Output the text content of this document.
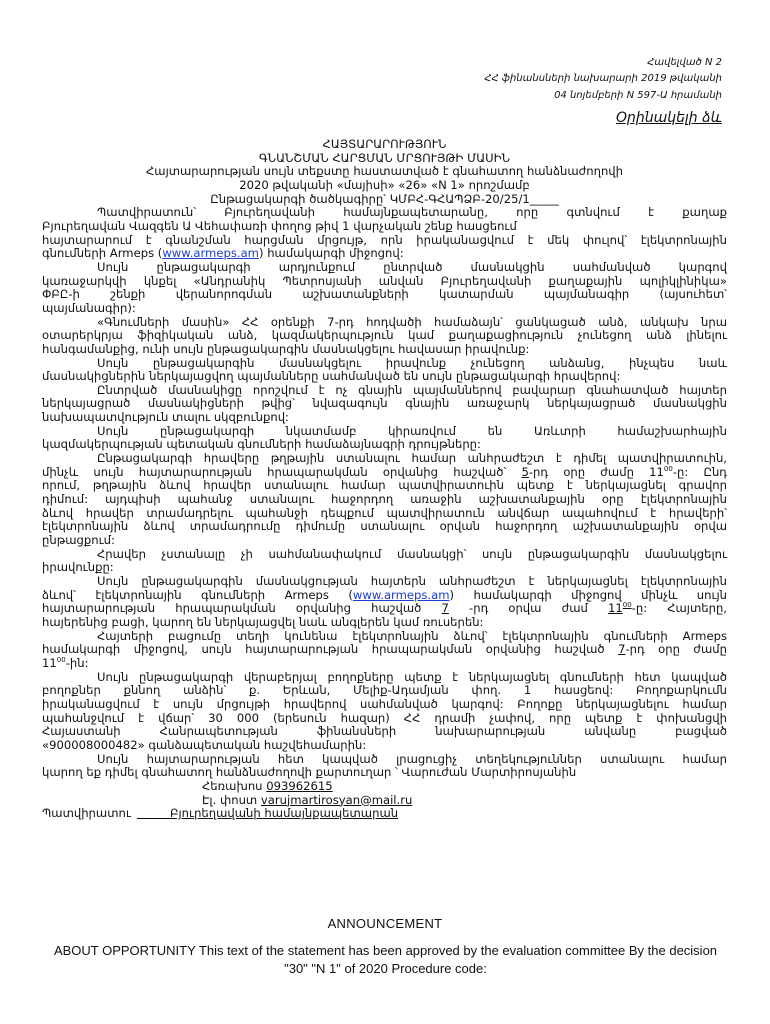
Հավելված N 2
ՀՀ ֆինանսների նախարարի 2019 թվականի
04 նոյեմբերի N 597-Ա հրամանի
Օրինակելի ձև
ՀԱՅՏԱՐԱՐՈՒԹՅՈՒՆ
ԳՆԱՆՇՄԱՆ ՀԱՐՑՄԱՆ ՄՐՑՈՒՅԹԻ ՄԱՍԻՆ
Հայտարարության սույն տեքստը հաստատված է գնահատող հանձնաժողովի
2020 թվականի «մայիսի» «26» «N 1» որոշմամբ
Ընթացակարգի ծածկագիրը՝ ԿՄԲՀ-ԳՀԱՊՁԲ-20/25/1_____
Պատվիրատուն՝ Բյուրեղավանի համայնքապետարանը, որը գտնվում է քաղաք
Բյուրեղավան Վազգեն Ա Վեհափառի փողոց թիվ 1 վարչական շենք հասցեում
հայտարարում է գնանշման հարցման մրցույթ, որն իրականացվում է մեկ փուլով՝ էլեկտրոնային
գնումների Armeps (www.armeps.am) համակարգի միջոցով:
Սույն ընթացակարգի արդյունքում ընտրված մասնակցին սահմանված կարգով
կառաջարկվի կնքել «Անդրանիկ Պետրոսյանի անվան Բյուրեղավանի քաղաքային պոլիկլինիկա»
ՓԲԸ-ի շենքի վերանորոգման աշխատանքների կատարման պայմանագիր (այսուհետ՝
պայմանագիր):
«Գնումների մասին» ՀՀ օրենքի 7-րդ հոդվածի համաձայն՝ ցանկացած անձ, անկախ նրա
օտարերկրյա ֆիզիկական անձ, կազմակերպություն կամ քաղաքացիություն չունեցող անձ լինելու
հանգամանքից, ունի սույն ընթացակարգին մասնակցելու հավասար իրավունք:
Սույն ընթացակարգին մասնակցելու իրավունք չունեցող անձանց, ինչպես նաև
մասնակիցներին ներկայացվող պայմանները սահմանված են սույն ընթացակարգի հրավերով:
Ընտրված մասնակիցը որոշվում է ոչ գնային պայմաններով բավարար գնահատված հայտեր
ներկայացրած մասնակիցների թվից՝ նվազագույն գնային առաջարկ ներկայացրած մասնակցին
նախապատվություն տալու սկզբունքով:
Սույն ընթացակարգի նկատմամբ կիրառվում են Առևտրի համաշխարհային
կազմակերպության պետական գնումների համաձայնագրի դրույթները:
Ընթացակարգի հրավերը թղթային ստանալու համար անհրաժեշտ է դիմել պատվիրատուին,
մինչև սույն հայտարարության հրապարակման օրվանից հաշված՝ 5-րդ օրը ժամը $11^{00}-ը$: Ընդ
որում, թղթային ձևով հրավեր ստանալու համար պատվիրատուին պետք է ներկայացնել գրավոր
դիմում: այդպիսի պահանջ ստանալու հաջորդող առաջին աշխատանքային օրը էլեկտրոնային
ձևով հրավեր տրամադրելու պահանջի դեպքում պատվիրատուն անվճար ապահովում է հրավերի՝
էլեկտրոնային ձևով տրամադրումը դիմումը ստանալու օրվան հաջորդող աշխատանքային օրվա
ընթացքում:
Հրավեր չստանալը չի սահմանափակում մասնակցի՝ սույն ընթացակարգին մասնակցելու
իրավունքը:
Սույն ընթացակարգին մասնակցության հայտերն անհրաժեշտ է ներկայացնել էլեկտրոնային
ձևով՝ էլեկտրոնային գնումների Armeps (www.armeps.am) համակարգի միջոցով մինչև սույն
հայտարարության հրապարակման օրվանից հաշված 7 -րդ օրվա ժամ $11^{00}-ը$: Հայտերը,
հայերենից բացի, կարող են ներկայացվել նաև անգլերեն կամ ռուսերեն:
Հայտերի բացումը տեղի կունենա էլեկտրոնային ձևով՝ էլեկտրոնային գնումների Armeps
համակարգի միջոցով, սույն հայտարարության հրապարակման օրվանից հաշված 7-րդ օրը ժամը
$11^{00}-ին$:
Սույն ընթացակարգի վերաբերյալ բողոքները պետք է ներկայացնել գնումների հետ կապված
բողոքներ քննող անձին՝ ք. Երևան, Մելիք-Ադամյան փող. 1 հասցեով: Բողոքարկումն
իրականացվում է սույն մրցույթի հրավերով սահմանված կարգով: Բողոքը ներկայացնելու համար
պահանջվում է վճար՝ 30 000 (երեսուն հազար) ՀՀ դրամի չափով, որը պետք է փոխանցվի
Հայաստանի Հանրապետության ֆինանսների նախարարության անվանը բացված
«900008000482» գանձապետական հաշվեհամարին:
Սույն հայտարարության հետ կապված լրացուցիչ տեղեկություններ ստանալու համար
կարող եք դիմել գնահատող հանձնաժողովի քարտուղար ՝ Վարուժան Մարտիրոսյանին
Հեռախոս 093962615
Էլ. փոստ varujmartirosyan@mail.ru
Պատվիրատու	Բյուրեղավանի համայնքապետարան
ANNOUNCEMENT
ABOUT OPPORTUNITY This text of the statement has been approved by the evaluation committee By the decision "30" "N 1" of 2020 Procedure code:
